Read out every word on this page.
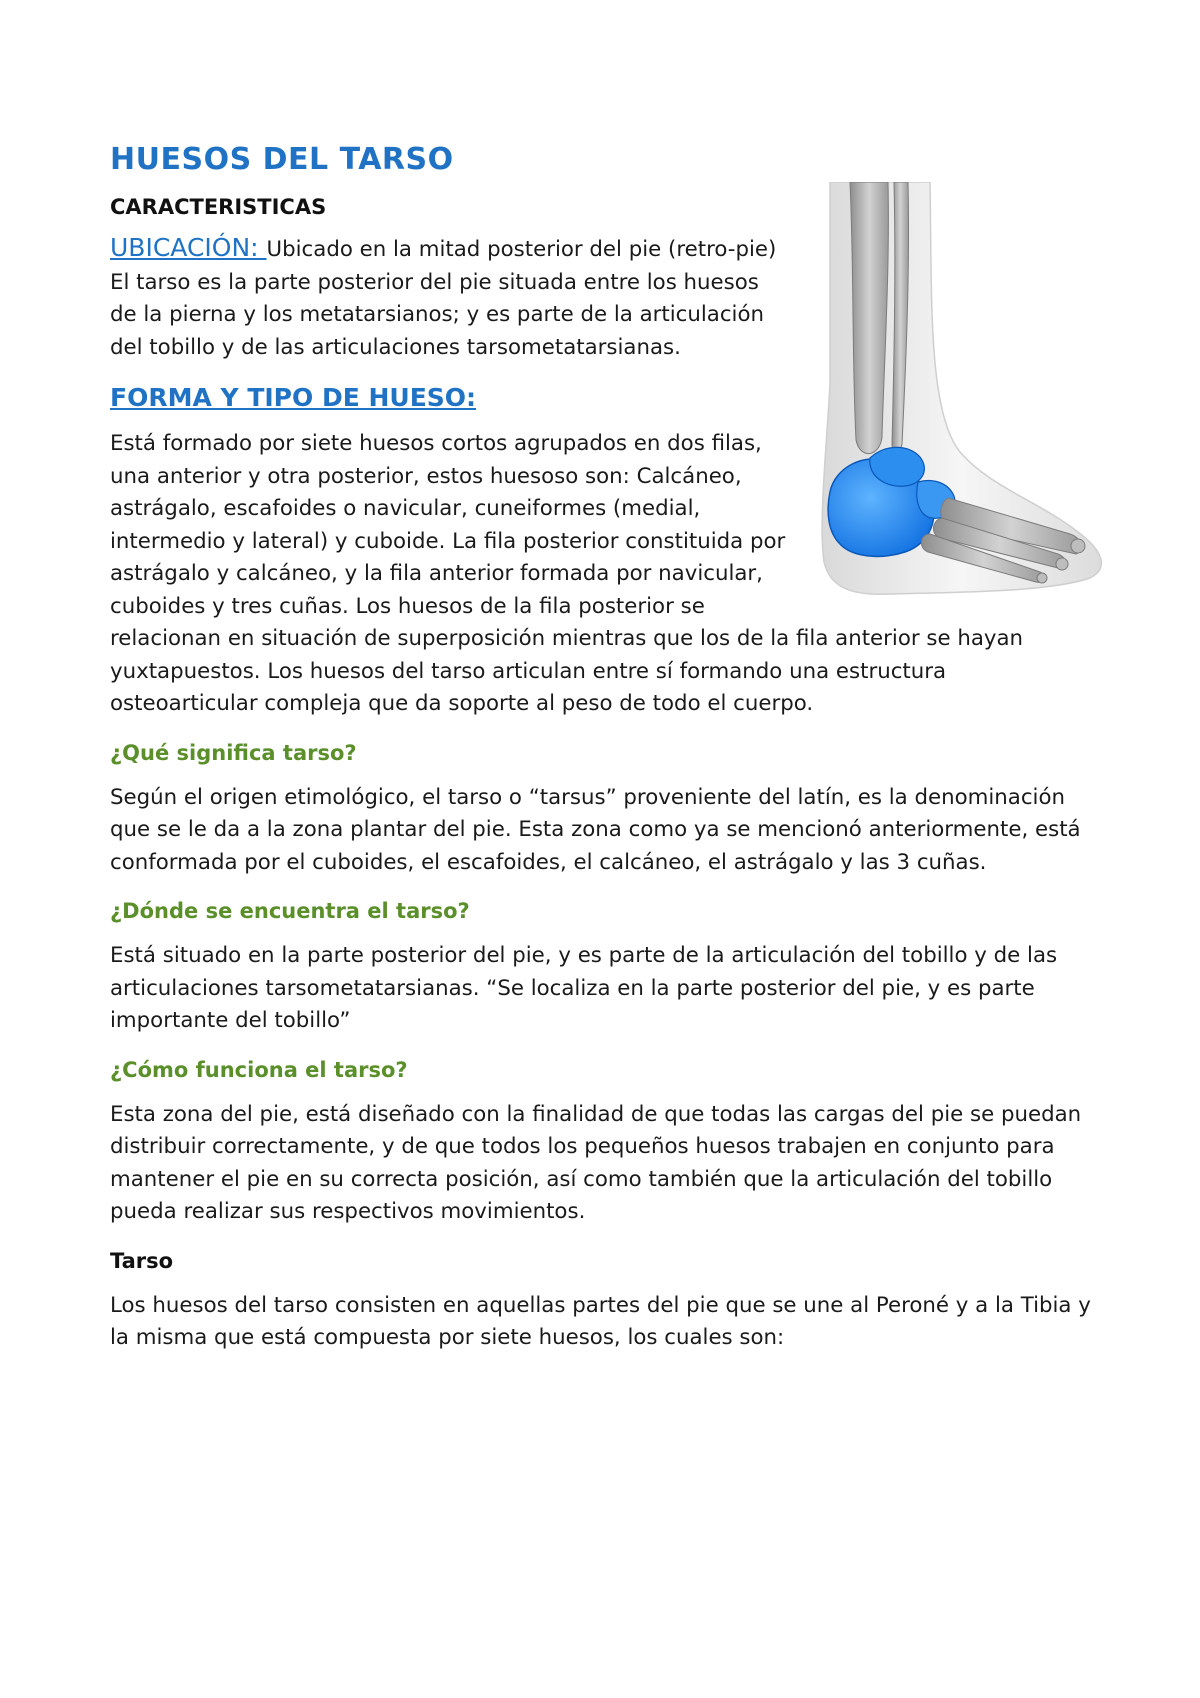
HUESOS DEL TARSO
CARACTERISTICAS

UBICACIÓN: Ubicado en la mitad posterior del pie (retro-pie) El tarso es la parte posterior del pie situada entre los huesos de la pierna y los metatarsianos; y es parte de la articulación del tobillo y de las articulaciones tarsometatarsianas.

FORMA Y TIPO DE HUESO:

Está formado por siete huesos cortos agrupados en dos filas, una anterior y otra posterior, estos huesoso son: Calcáneo, astrágalo, escafoides o navicular, cuneiformes (medial, intermedio y lateral) y cuboide. La fila posterior constituida por astrágalo y calcáneo, y la fila anterior formada por navicular, cuboides y tres cuñas. Los huesos de la fila posterior se relacionan en situación de superposición mientras que los de la fila anterior se hayan yuxtapuestos. Los huesos del tarso articulan entre sí formando una estructura osteoarticular compleja que da soporte al peso de todo el cuerpo.

¿Qué significa tarso?

Según el origen etimológico, el tarso o “tarsus” proveniente del latín, es la denominación que se le da a la zona plantar del pie. Esta zona como ya se mencionó anteriormente, está conformada por el cuboides, el escafoides, el calcáneo, el astrágalo y las 3 cuñas.

¿Dónde se encuentra el tarso?

Está situado en la parte posterior del pie, y es parte de la articulación del tobillo y de las articulaciones tarsometatarsianas. “Se localiza en la parte posterior del pie, y es parte importante del tobillo”

¿Cómo funciona el tarso?

Esta zona del pie, está diseñado con la finalidad de que todas las cargas del pie se puedan distribuir correctamente, y de que todos los pequeños huesos trabajen en conjunto para mantener el pie en su correcta posición, así como también que la articulación del tobillo pueda realizar sus respectivos movimientos.

Tarso

Los huesos del tarso consisten en aquellas partes del pie que se une al Peroné y a la Tibia y la misma que está compuesta por siete huesos, los cuales son:
